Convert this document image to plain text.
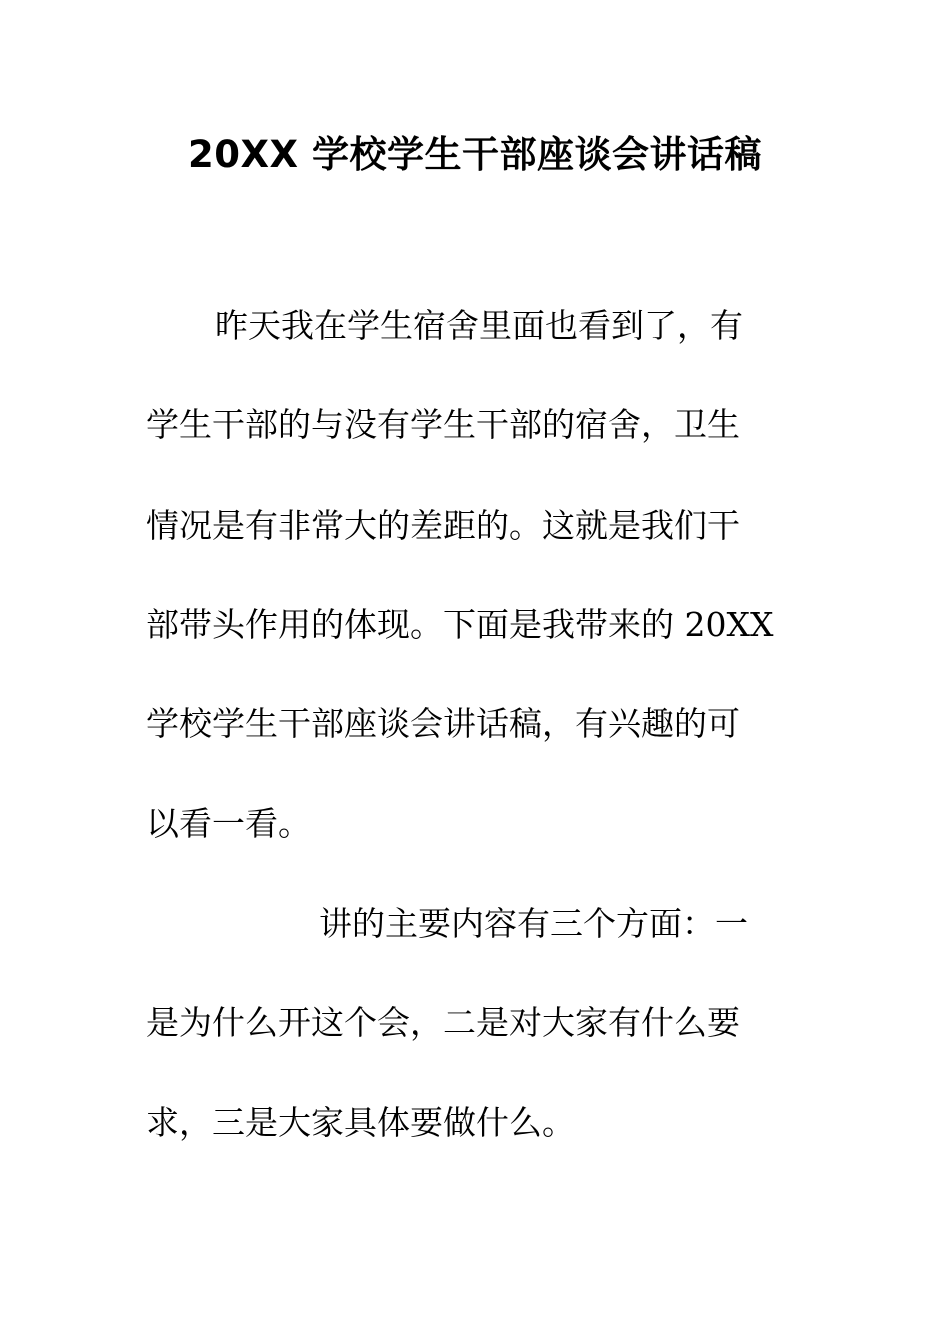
20XX 学校学生干部座谈会讲话稿
昨天我在学生宿舍里面也看到了，有
学生干部的与没有学生干部的宿舍，卫生
情况是有非常大的差距的。这就是我们干
部带头作用的体现。下面是我带来的 20XX
学校学生干部座谈会讲话稿，有兴趣的可
以看一看。
讲的主要内容有三个方面：一
是为什么开这个会，二是对大家有什么要
求，三是大家具体要做什么。
